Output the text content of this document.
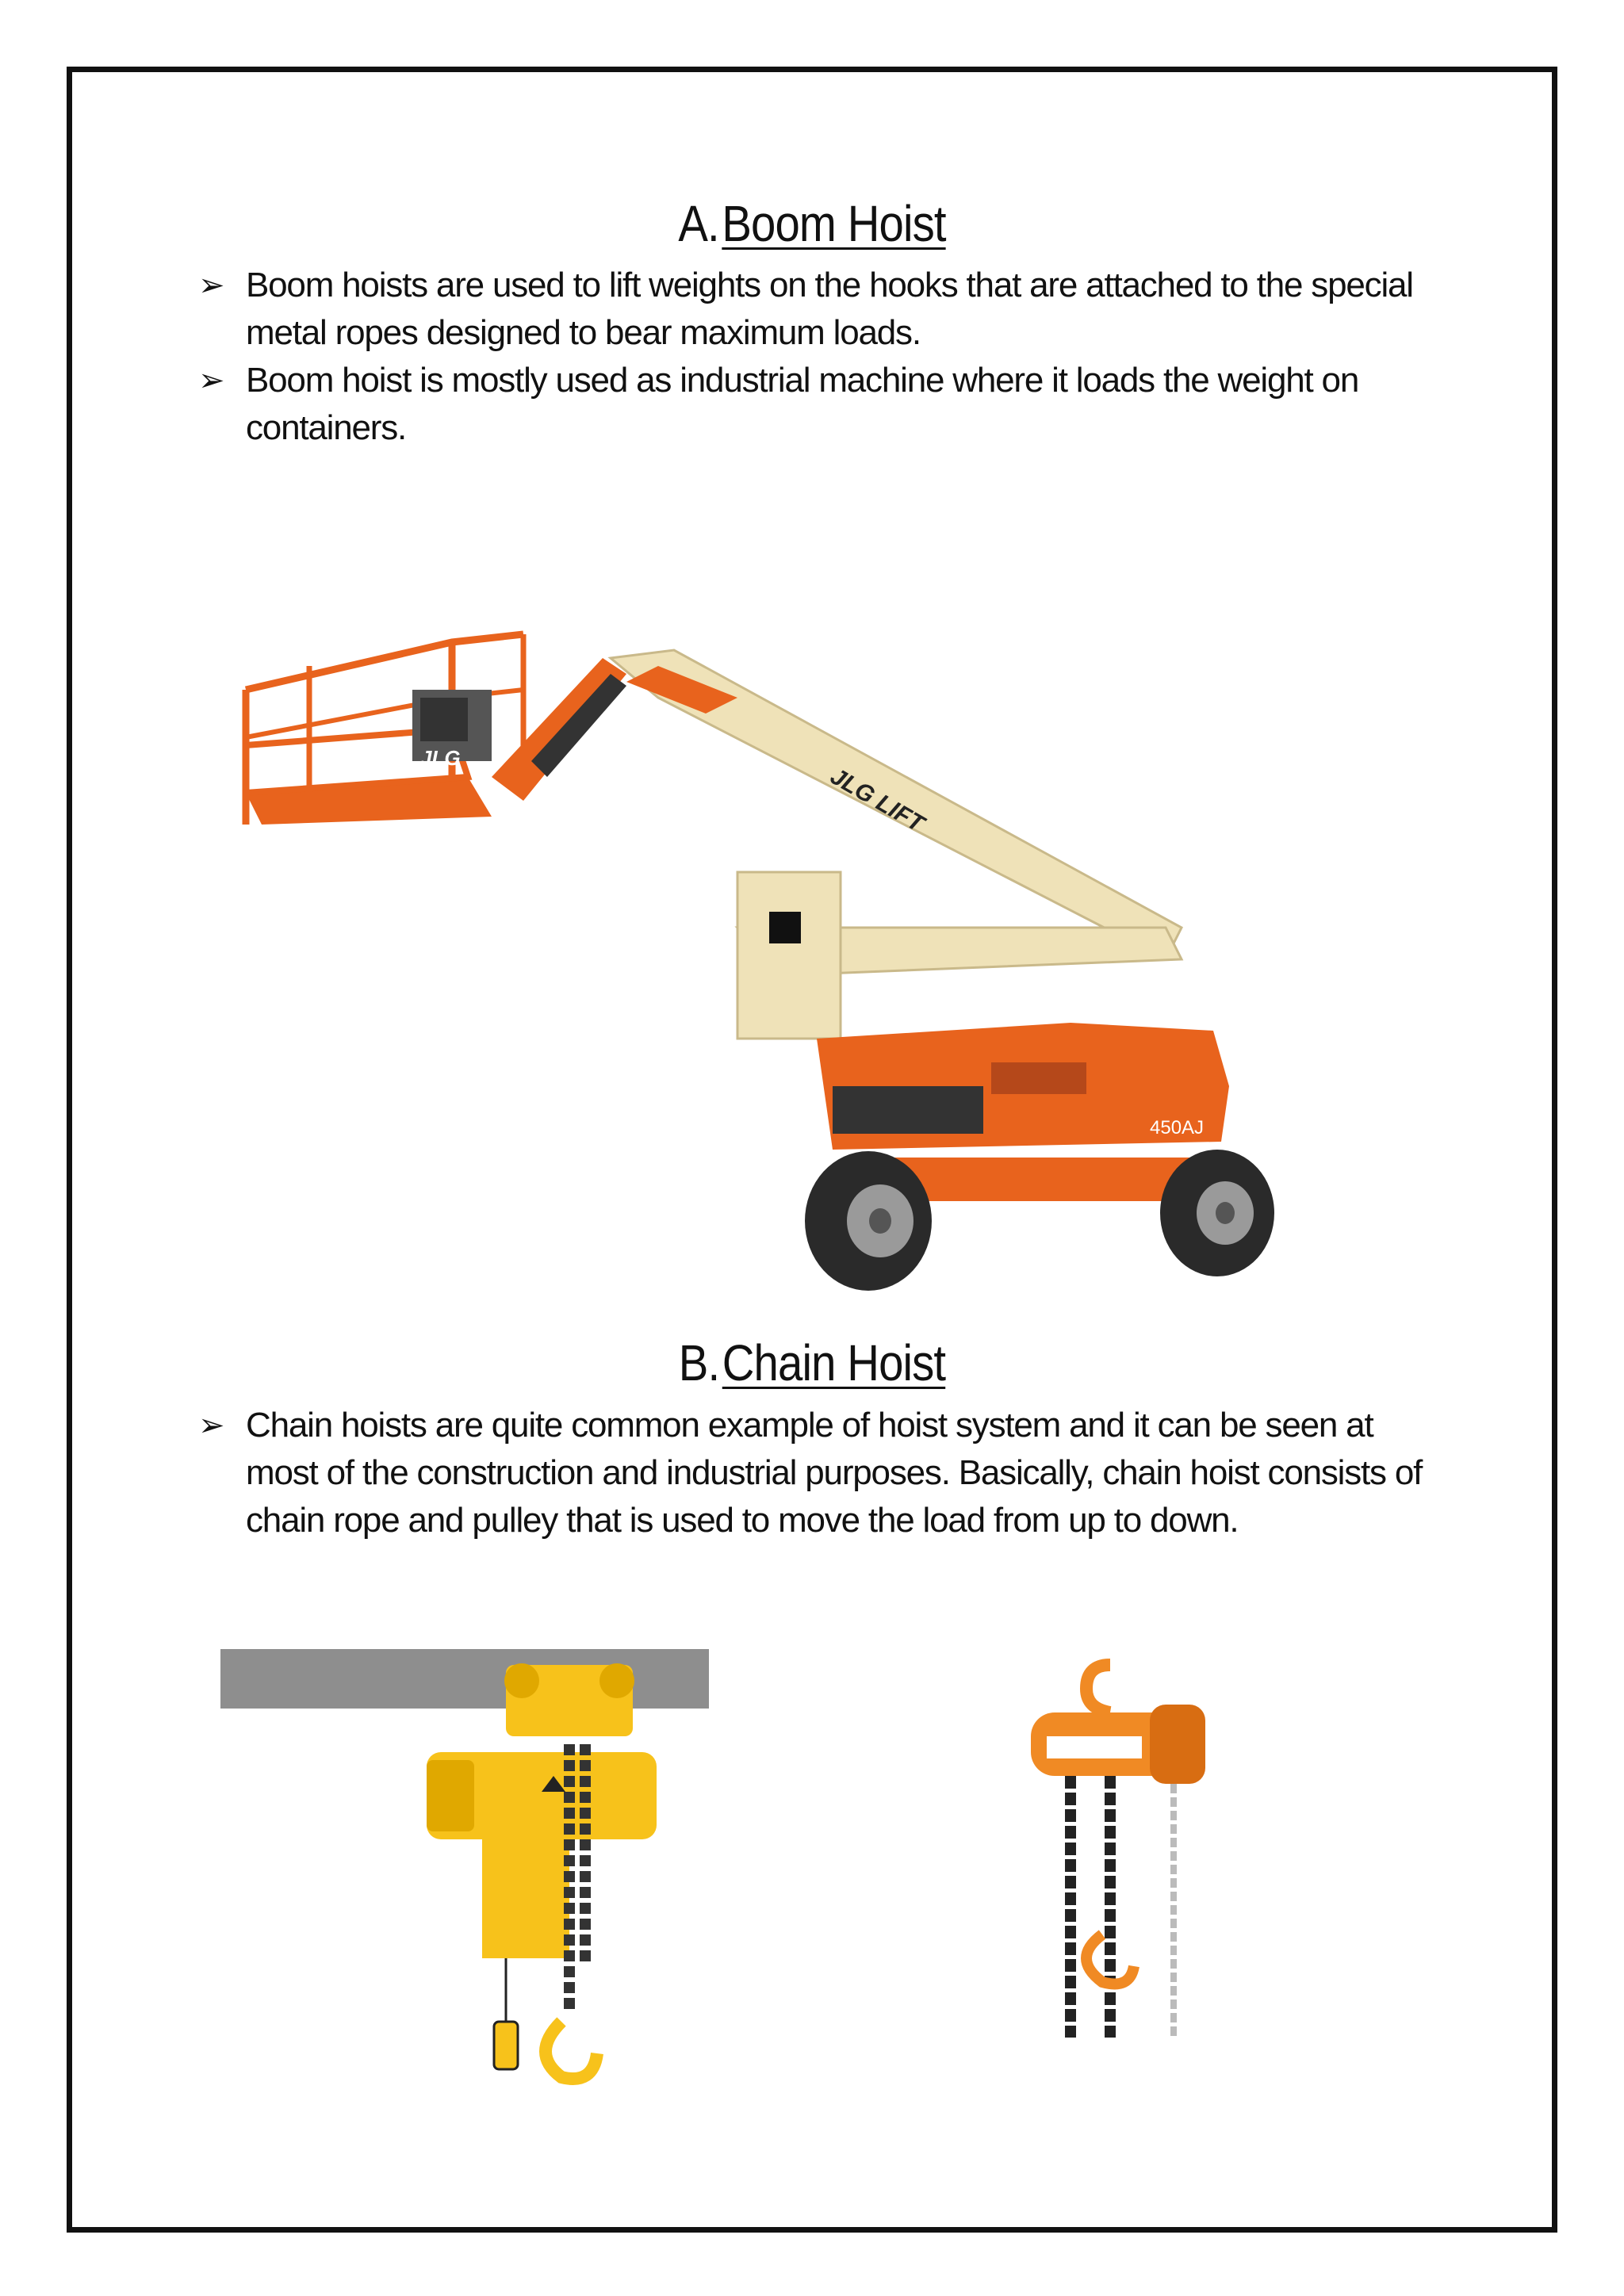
A.Boom Hoist
➢ Boom hoists are used to lift weights on the hooks that are attached to the special metal ropes designed to bear maximum loads.
➢ Boom hoist is mostly used as industrial machine where it loads the weight on containers.
JLG
JLG LIFT
450AJ
B.Chain Hoist
➢ Chain hoists are quite common example of hoist system and it can be seen at most of the construction and industrial purposes. Basically, chain hoist consists of chain rope and pulley that is used to move the load from up to down.
